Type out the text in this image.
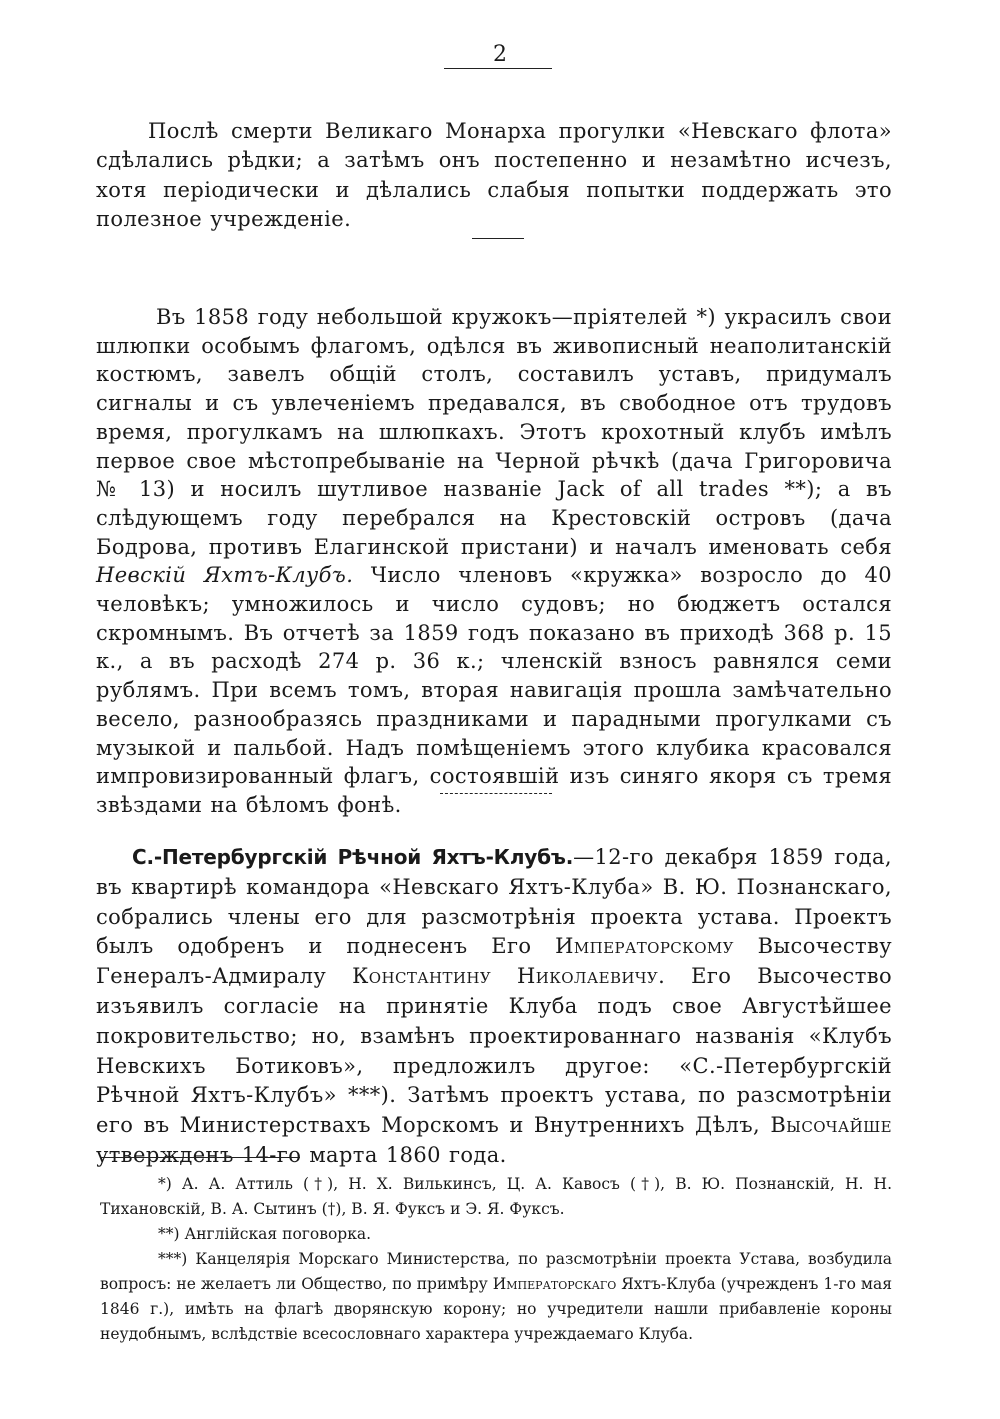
2

Послѣ смерти Великаго Монарха прогулки «Невскаго флота» сдѣлались рѣдки; а затѣмъ онъ постепенно и незамѣтно исчезъ, хотя періодически и дѣлались слабыя попытки поддержать это полезное учрежденіе.

Въ 1858 году небольшой кружокъ—пріятелей *) украсилъ свои шлюпки особымъ флагомъ, одѣлся въ живописный неаполитанскій костюмъ, завелъ общій столъ, составилъ уставъ, придумалъ сигналы и съ увлеченіемъ предавался, въ свободное отъ трудовъ время, прогулкамъ на шлюпкахъ. Этотъ крохотный клубъ имѣлъ первое свое мѣстопребываніе на Черной рѣчкѣ (дача Григоровича № 13) и носилъ шутливое названіе Jack of all trades **); а въ слѣдующемъ году перебрался на Крестовскій островъ (дача Бодрова, противъ Елагинской пристани) и началъ именовать себя Невскій Яхтъ-Клубъ. Число членовъ «кружка» возросло до 40 человѣкъ; умножилось и число судовъ; но бюджетъ остался скромнымъ. Въ отчетѣ за 1859 годъ показано въ приходѣ 368 р. 15 к., а въ расходѣ 274 р. 36 к.; членскій взносъ равнялся семи рублямъ. При всемъ томъ, вторая навигація прошла замѣчательно весело, разнообразясь праздниками и парадными прогулками съ музыкой и пальбой. Надъ помѣщеніемъ этого клубика красовался импровизированный флагъ, состоявшій изъ синяго якоря съ тремя звѣздами на бѣломъ фонѣ.

С.-Петербургскій Рѣчной Яхтъ-Клубъ.—12-го декабря 1859 года, въ квартирѣ командора «Невскаго Яхтъ-Клуба» В. Ю. Познанскаго, собрались члены его для разсмотрѣнія проекта устава. Проектъ былъ одобренъ и поднесенъ Его Императорскому Высочеству Генералъ-Адмиралу Константину Николаевичу. Его Высочество изъявилъ согласіе на принятіе Клуба подъ свое Августѣйшее покровительство; но, взамѣнъ проектированнаго названія «Клубъ Невскихъ Ботиковъ», предложилъ другое: «С.-Петербургскій Рѣчной Яхтъ-Клубъ» ***). Затѣмъ проектъ устава, по разсмотрѣніи его въ Министерствахъ Морскомъ и Внутреннихъ Дѣлъ, Высочайше утвержденъ 14-го марта 1860 года.

*) А. А. Аттиль (†), Н. Х. Вилькинсъ, Ц. А. Кавосъ (†), В. Ю. Познанскій, Н. Н. Тихановскій, В. А. Сытинъ (†), В. Я. Фуксъ и Э. Я. Фуксъ.

**) Англійская поговорка.

***) Канцелярія Морскаго Министерства, по разсмотрѣніи проекта Устава, возбудила вопросъ: не желаетъ ли Общество, по примѣру Императорскаго Яхтъ-Клуба (учрежденъ 1-го мая 1846 г.), имѣть на флагѣ дворянскую корону; но учредители нашли прибавленіе короны неудобнымъ, вслѣдствіе всесословнаго характера учреждаемаго Клуба.
